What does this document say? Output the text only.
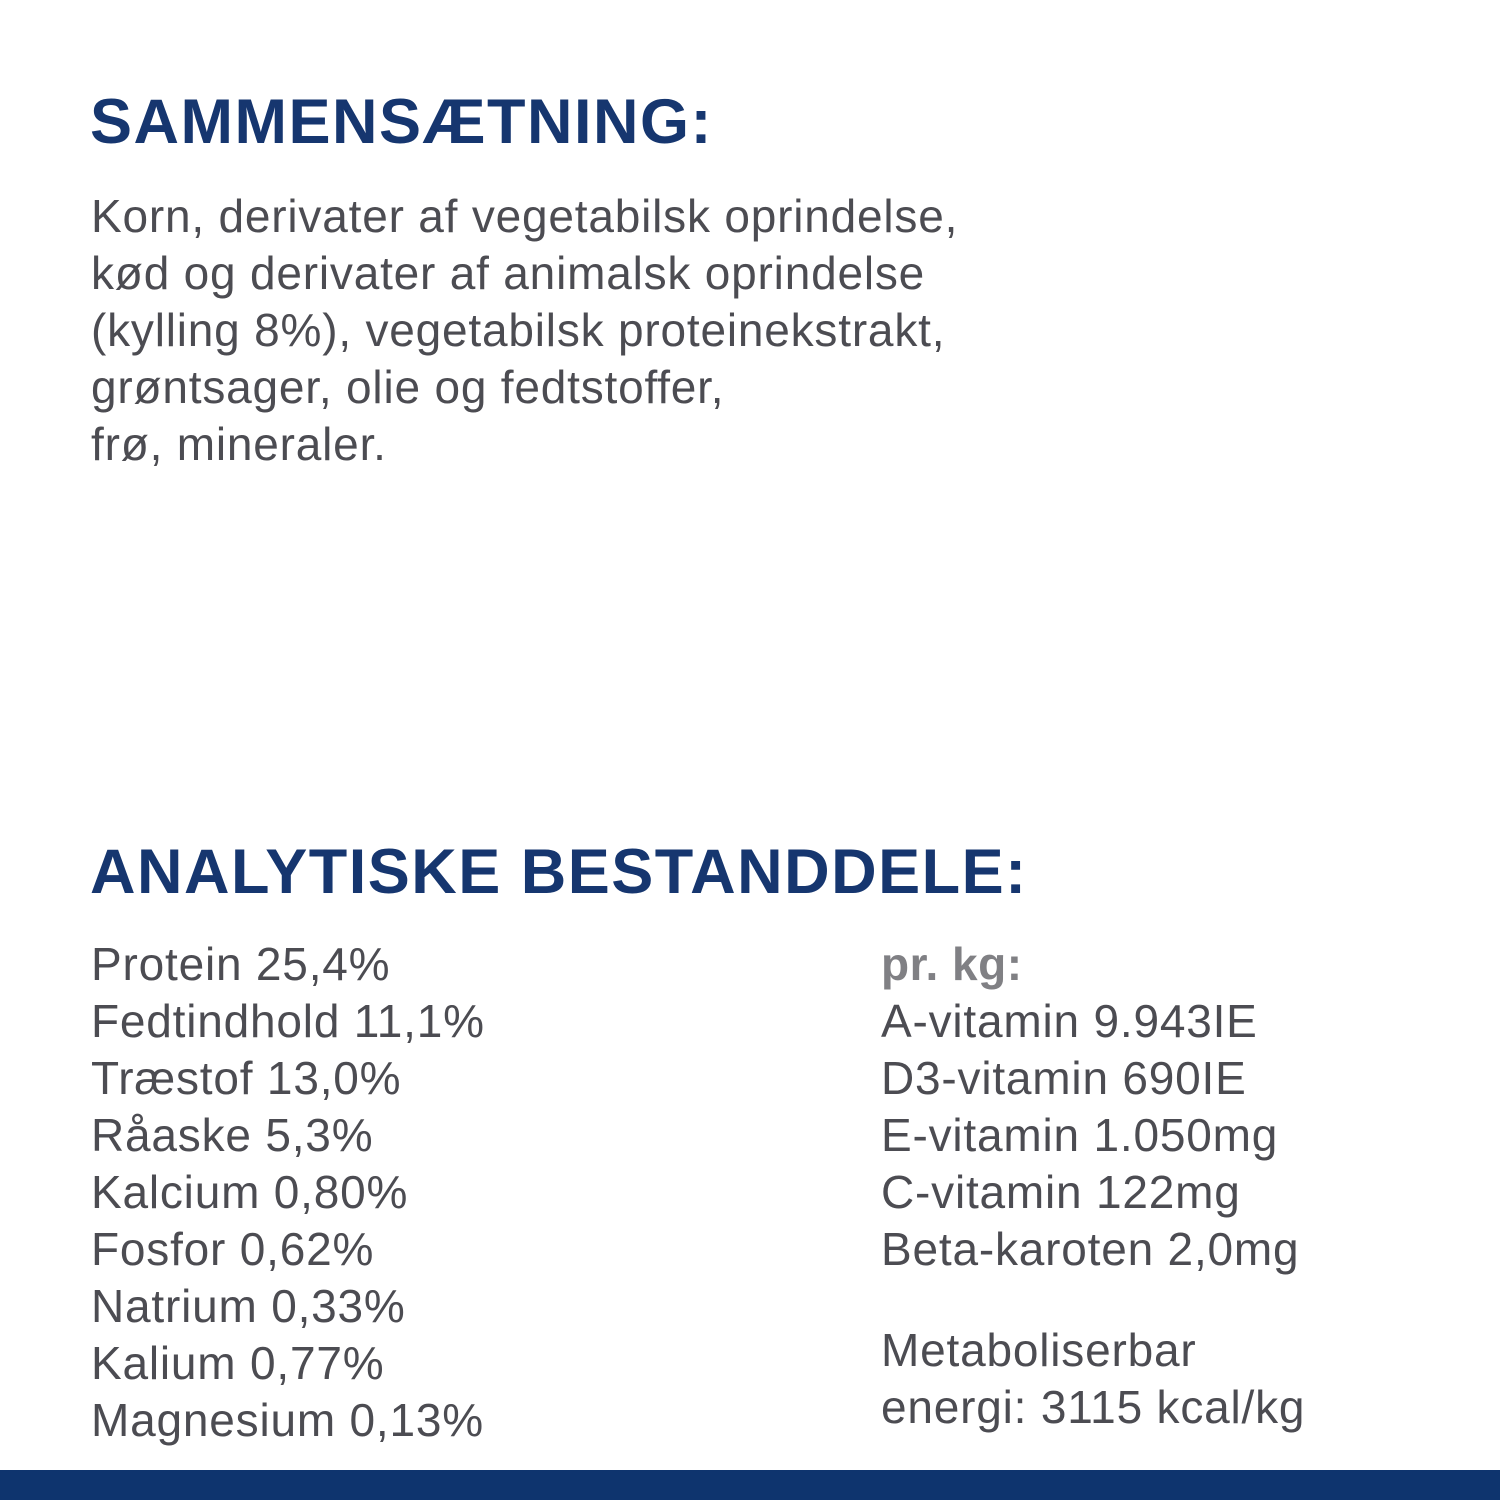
SAMMENSÆTNING:
Korn, derivater af vegetabilsk oprindelse,
kød og derivater af animalsk oprindelse
(kylling 8%), vegetabilsk proteinekstrakt,
grøntsager, olie og fedtstoffer,
frø, mineraler.
ANALYTISKE BESTANDDELE:
Protein 25,4%
Fedtindhold 11,1%
Træstof 13,0%
Råaske 5,3%
Kalcium 0,80%
Fosfor 0,62%
Natrium 0,33%
Kalium 0,77%
Magnesium 0,13%
pr. kg:
A-vitamin 9.943IE
D3-vitamin 690IE
E-vitamin 1.050mg
C-vitamin 122mg
Beta-karoten 2,0mg
Metaboliserbar
energi: 3115 kcal/kg
